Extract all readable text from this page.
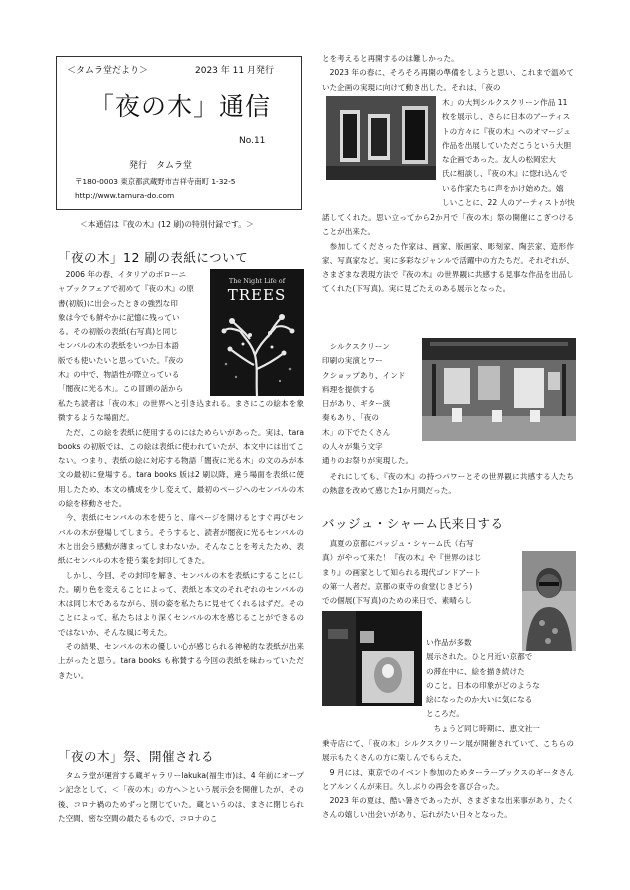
＜タムラ堂だより＞	2023 年 11 月発行
「夜の木」通信
No.11
発行　タムラ堂
〒180-0003 東京都武蔵野市吉祥寺南町 1-32-5
http://www.tamura-do.com
＜本通信は『夜の木』(12 刷)の特別付録です。＞
「夜の木」12 刷の表紙について

2006 年の春、イタリアのボローニ

ャブックフェアで初めて『夜の木』の原

書(初版)に出会ったときの強烈な印

象は今でも鮮やかに記憶に残ってい

る。その初版の表紙(右写真)と同じ

センバルの木の表紙をいつか日本語

版でも使いたいと思っていた。『夜の

木』の中で、物語性が際立っている

「闇夜に光る木」。この冒頭の話から

The Night Life of
TREES

私たち読者は「夜の木」の世界へと引き込まれる。まさにこの絵本を象徴するような場面だ。

ただ、この絵を表紙に使用するのにはためらいがあった。実は、tara books の初版では、この絵は表紙に使われていたが、本文中には出てこない。つまり、表紙の絵に対応する物語「闇夜に光る木」の文のみが本文の最初に登場する。tara books 版は2 刷以降、違う場面を表紙に使用したため、本文の構成を少し変えて、最初のページへのセンバルの木の絵を移動させた。

今、表紙にセンバルの木を使うと、扉ページを開けるとすぐ再びセンバルの木が登場してしまう。そうすると、読者が闇夜に光るセンバルの木と出会う感動が薄まってしまわないか。そんなことを考えたため、表紙にセンバルの木を使う案を封印してきた。

しかし、今回、その封印を解き、センバルの木を表紙にすることにした。刷り色を変えることによって、表紙と本文のそれぞれのセンバルの木は同じ木であるながら、別の姿を私たちに見せてくれるはずだ。そのことによって、私たちはより深くセンバルの木を感じることができるのではないか、そんな風に考えた。

その結果、センバルの木の優しい心が感じられる神秘的な表紙が出来上がったと思う。tara books も称賛する今回の表紙を味わっていただきたい。

「夜の木」祭、開催される

タムラ堂が運営する蔵ギャラリーlakuka(福生市)は、4 年前にオープン記念として、＜「夜の木」の方へ＞という展示会を開催したが、その後、コロナ禍のためずっと閉じていた。蔵というのは、まさに閉じられた空間、密な空間の最たるもので、コロナのこ

とを考えると再開するのは難しかった。

2023 年の春に、そろそろ再開の準備をしようと思い、これまで温めていた企画の実現に向けて動き出した。それは、「夜の

木」の大判シルクスクリーン作品 11

枚を展示し、さらに日本のアーティス

トの方々に『夜の木』へのオマージュ

作品を出展していただこうという大胆

な企画であった。友人の松岡宏大

氏に相談し、『夜の木』に惚れ込んで

いる作家たちに声をかけ始めた。嬉

しいことに、22 人のアーティストが快

諾してくれた。思い立ってから2か月で「夜の木」祭の開催にこぎつけることが出来た。

参加してくださった作家は、画家、版画家、彫刻家、陶芸家、造形作家、写真家など。実に多彩なジャンルで活躍中の方たちだ。それぞれが、さまざまな表現方法で『夜の木』の世界観に共感する見事な作品を出品してくれた(下写真)。実に見ごたえのある展示となった。

シルクスクリーン

印刷の実演とワー

クショップあり、インド

料理を提供する

日があり、ギター演

奏もあり、「夜の

木」の下でたくさん

の人々が集う文字

通りのお祭りが実現した。

それにしても、『夜の木』の持つパワーとその世界観に共感する人たちの熱意を改めて感じた1か月間だった。

バッジュ・シャーム氏来日する

真夏の京都にバッジュ・シャーム氏（右写

真）がやって来た！『夜の木』や『世界のはじ

まり』の画家として知られる現代ゴンドアート

の第一人者だ。京都の東寺の食堂(じきどう)

での個展(下写真)のための来日で、素晴らし

い作品が多数

展示された。ひと月近い京都で

の滞在中に、絵を描き続けた

のこと。日本の印象がどのような

絵になったのか大いに気になる

ところだ。

ちょうど同じ時期に、恵文社一

乗寺店にて、「夜の木」シルクスクリーン展が開催されていて、こちらの展示もたくさんの方に楽しんでもらえた。

9 月には、東京でのイベント参加のためターラーブックスのギータさんとアルンくんが来日。久しぶりの再会を喜び合った。

2023 年の夏は、酷い暑さであったが、さまざまな出来事があり、たくさんの嬉しい出会いがあり、忘れがたい日々となった。
